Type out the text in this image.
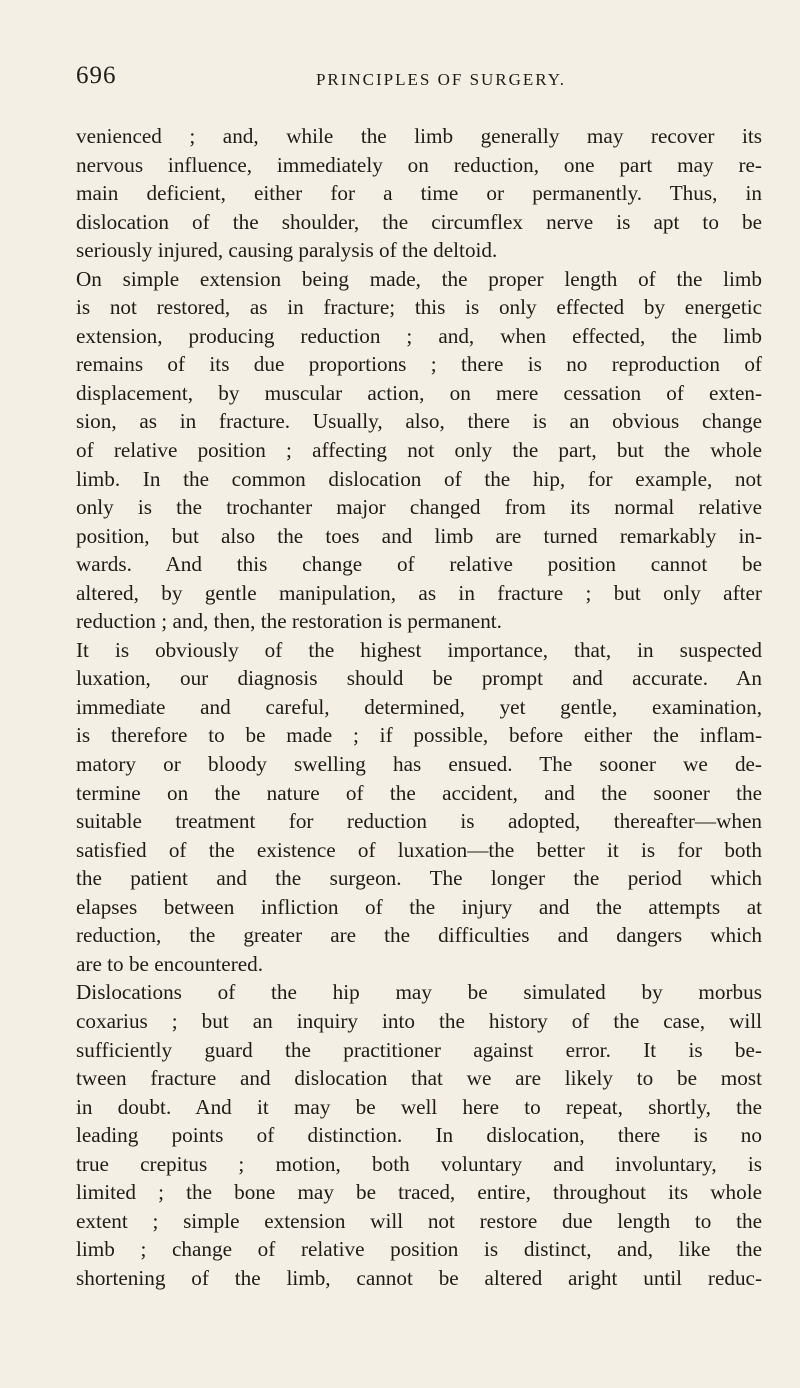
696	PRINCIPLES OF SURGERY.
venienced ; and, while the limb generally may recover its
nervous influence, immediately on reduction, one part may re-
main deficient, either for a time or permanently. Thus, in
dislocation of the shoulder, the circumflex nerve is apt to be
seriously injured, causing paralysis of the deltoid.
On simple extension being made, the proper length of the limb
is not restored, as in fracture; this is only effected by energetic
extension, producing reduction ; and, when effected, the limb
remains of its due proportions ; there is no reproduction of
displacement, by muscular action, on mere cessation of exten-
sion, as in fracture. Usually, also, there is an obvious change
of relative position ; affecting not only the part, but the whole
limb. In the common dislocation of the hip, for example, not
only is the trochanter major changed from its normal relative
position, but also the toes and limb are turned remarkably in-
wards. And this change of relative position cannot be
altered, by gentle manipulation, as in fracture ; but only after
reduction ; and, then, the restoration is permanent.
It is obviously of the highest importance, that, in suspected
luxation, our diagnosis should be prompt and accurate. An
immediate and careful, determined, yet gentle, examination,
is therefore to be made ; if possible, before either the inflam-
matory or bloody swelling has ensued. The sooner we de-
termine on the nature of the accident, and the sooner the
suitable treatment for reduction is adopted, thereafter—when
satisfied of the existence of luxation—the better it is for both
the patient and the surgeon. The longer the period which
elapses between infliction of the injury and the attempts at
reduction, the greater are the difficulties and dangers which
are to be encountered.
Dislocations of the hip may be simulated by morbus
coxarius ; but an inquiry into the history of the case, will
sufficiently guard the practitioner against error. It is be-
tween fracture and dislocation that we are likely to be most
in doubt. And it may be well here to repeat, shortly, the
leading points of distinction. In dislocation, there is no
true crepitus ; motion, both voluntary and involuntary, is
limited ; the bone may be traced, entire, throughout its whole
extent ; simple extension will not restore due length to the
limb ; change of relative position is distinct, and, like the
shortening of the limb, cannot be altered aright until reduc-
